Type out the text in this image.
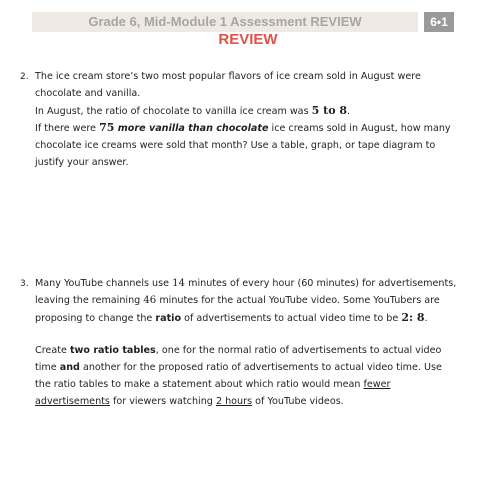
Grade 6, Mid-Module 1 Assessment REVIEW	6•1
REVIEW
2. The ice cream store’s two most popular flavors of ice cream sold in August were chocolate and vanilla.

In August, the ratio of chocolate to vanilla ice cream was 5 to 8.

If there were 75 more vanilla than chocolate ice creams sold in August, how many chocolate ice creams were sold that month? Use a table, graph, or tape diagram to justify your answer.

3. Many YouTube channels use 14 minutes of every hour (60 minutes) for advertisements, leaving the remaining 46 minutes for the actual YouTube video. Some YouTubers are proposing to change the ratio of advertisements to actual video time to be 2: 8.

Create two ratio tables, one for the normal ratio of advertisements to actual video time and another for the proposed ratio of advertisements to actual video time. Use the ratio tables to make a statement about which ratio would mean fewer advertisements for viewers watching 2 hours of YouTube videos.
